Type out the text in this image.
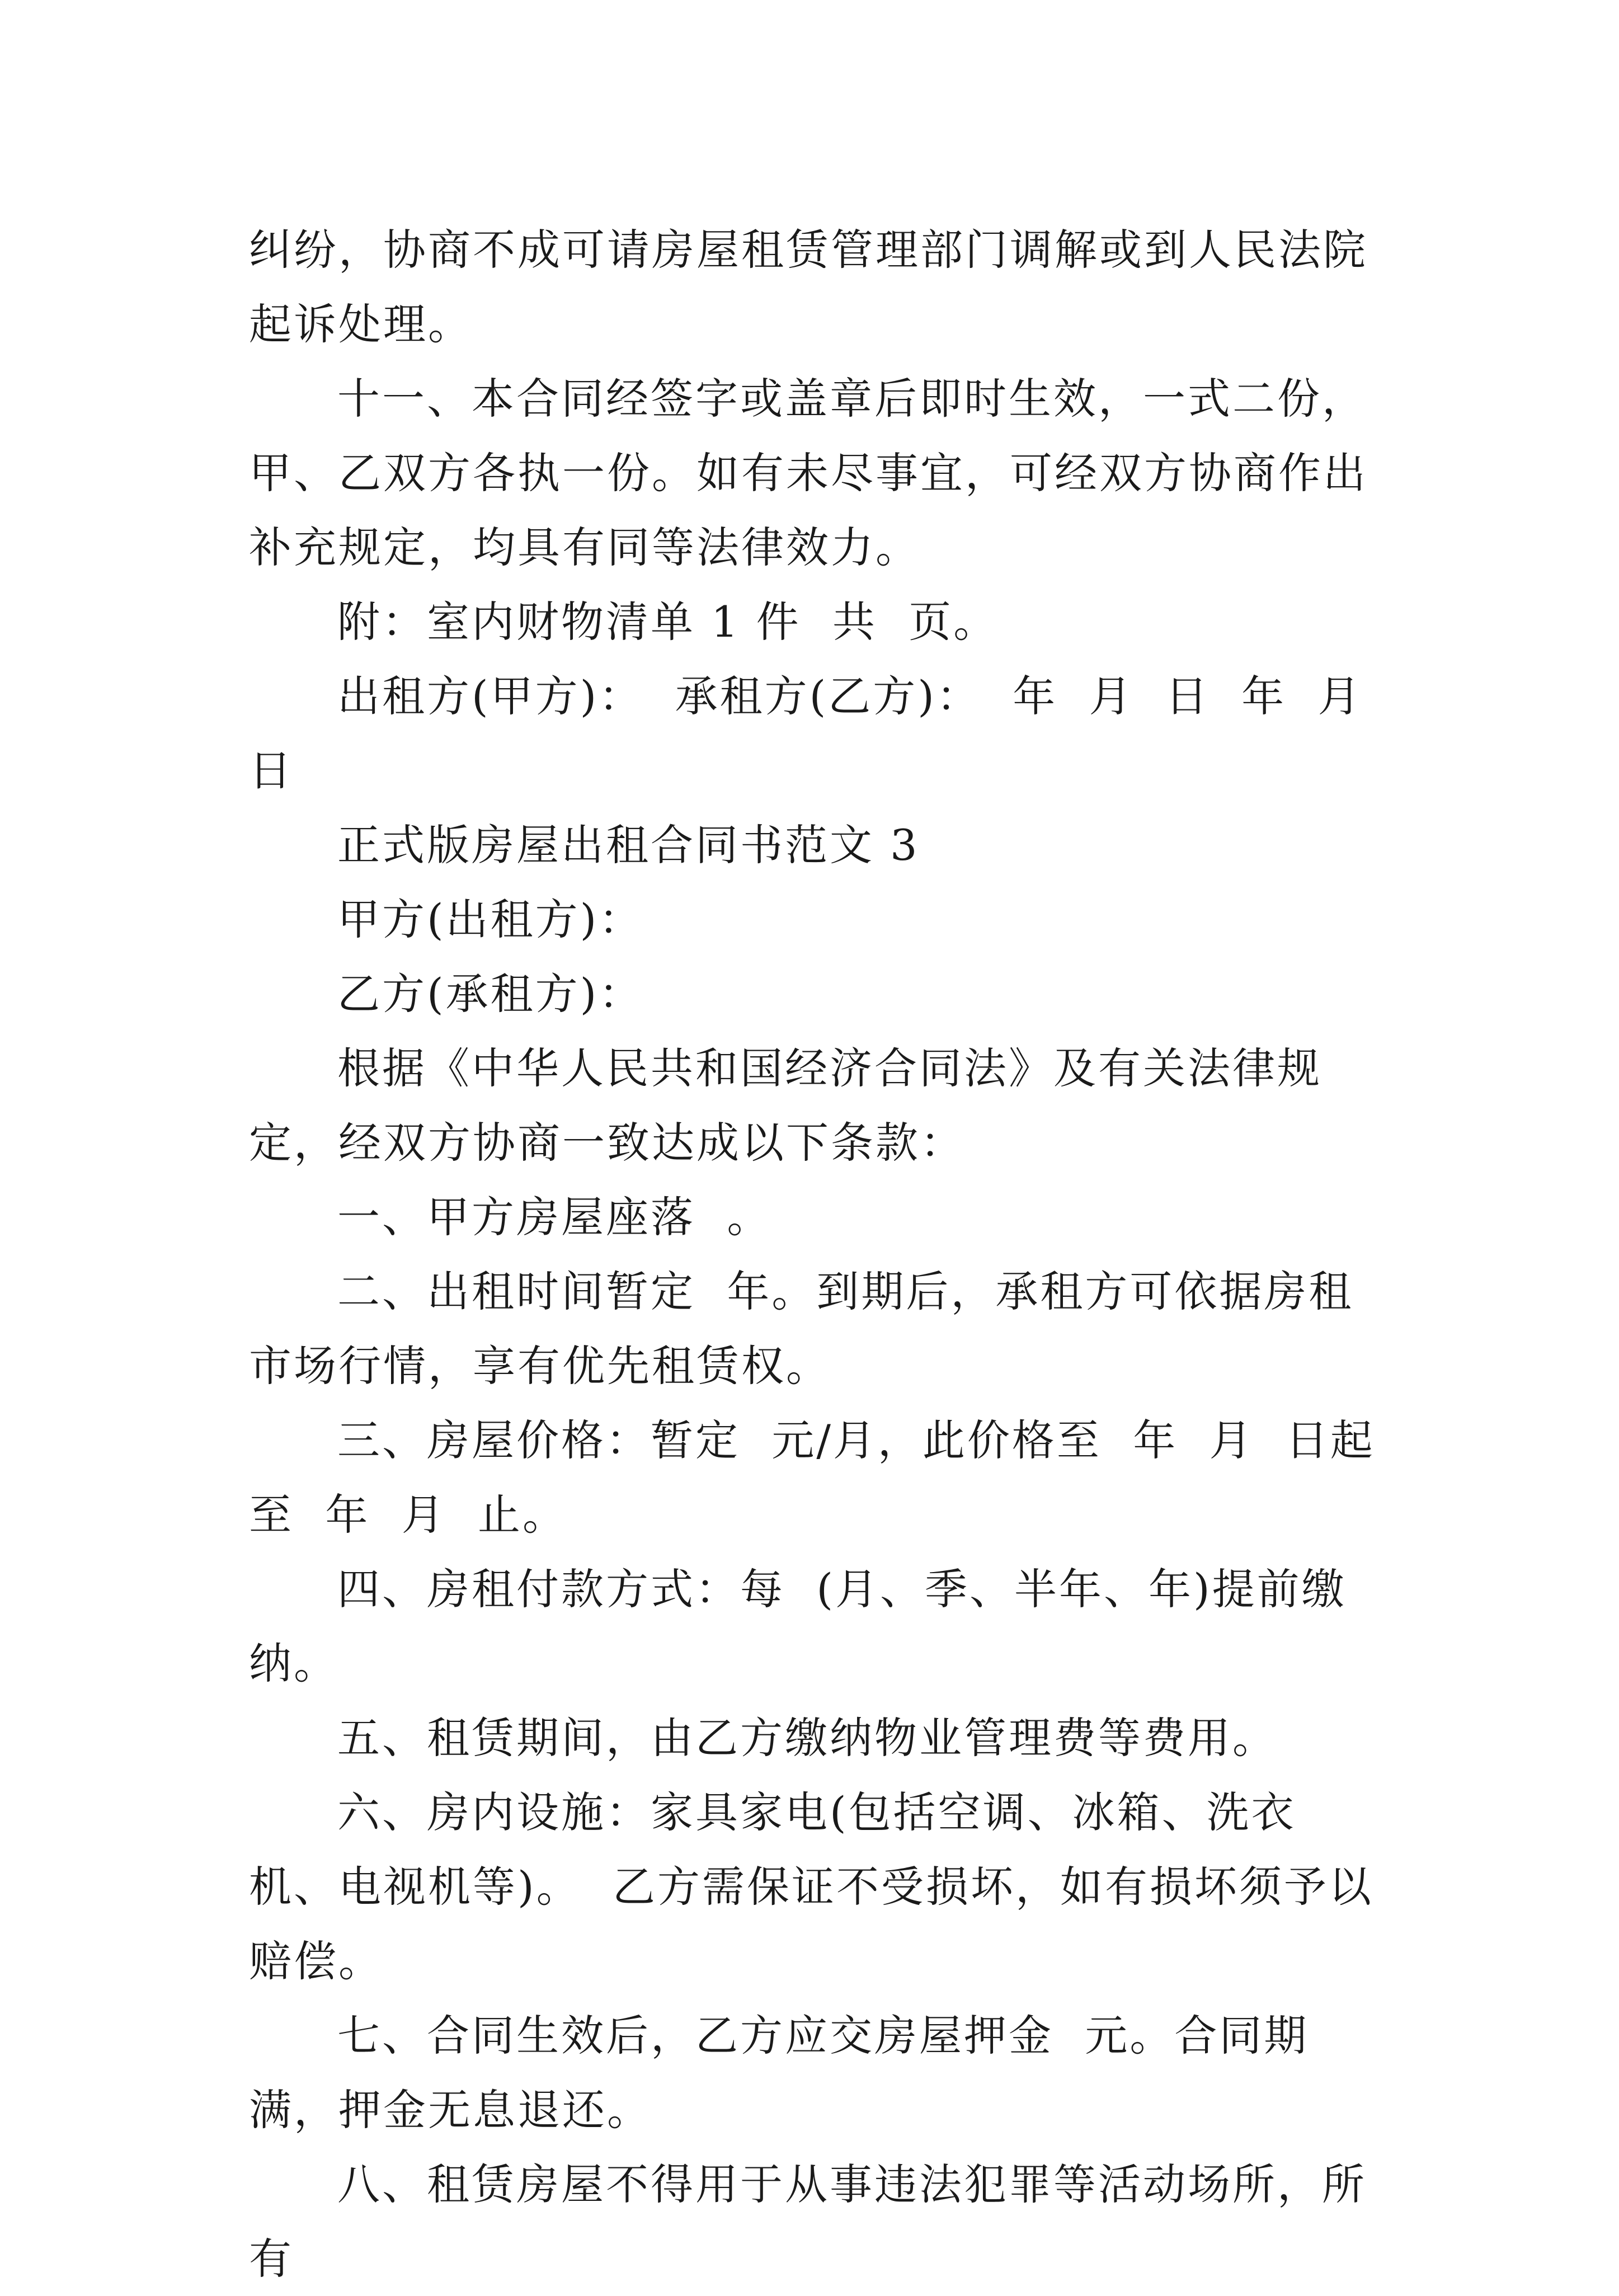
纠纷，协商不成可请房屋租赁管理部门调解或到人民法院起诉处理。

十一、本合同经签字或盖章后即时生效，一式二份，甲、乙双方各执一份。如有未尽事宜，可经双方协商作出补充规定，均具有同等法律效力。

附：室内财物清单 1 件  共  页。

出租方(甲方)：  承租方(乙方)：  年  月  日  年  月  日

正式版房屋出租合同书范文 3

甲方(出租方)：

乙方(承租方)：

根据《中华人民共和国经济合同法》及有关法律规定，经双方协商一致达成以下条款：

一、甲方房屋座落  。

二、出租时间暂定  年。到期后，承租方可依据房租市场行情，享有优先租赁权。

三、房屋价格：暂定  元/月，此价格至  年  月  日起至  年  月  止。

四、房租付款方式：每  (月、季、半年、年)提前缴纳。

五、租赁期间，由乙方缴纳物业管理费等费用。

六、房内设施：家具家电(包括空调、冰箱、洗衣机、电视机等)。  乙方需保证不受损坏，如有损坏须予以赔偿。

七、合同生效后，乙方应交房屋押金  元。合同期满，押金无息退还。

八、租赁房屋不得用于从事违法犯罪等活动场所，所有
